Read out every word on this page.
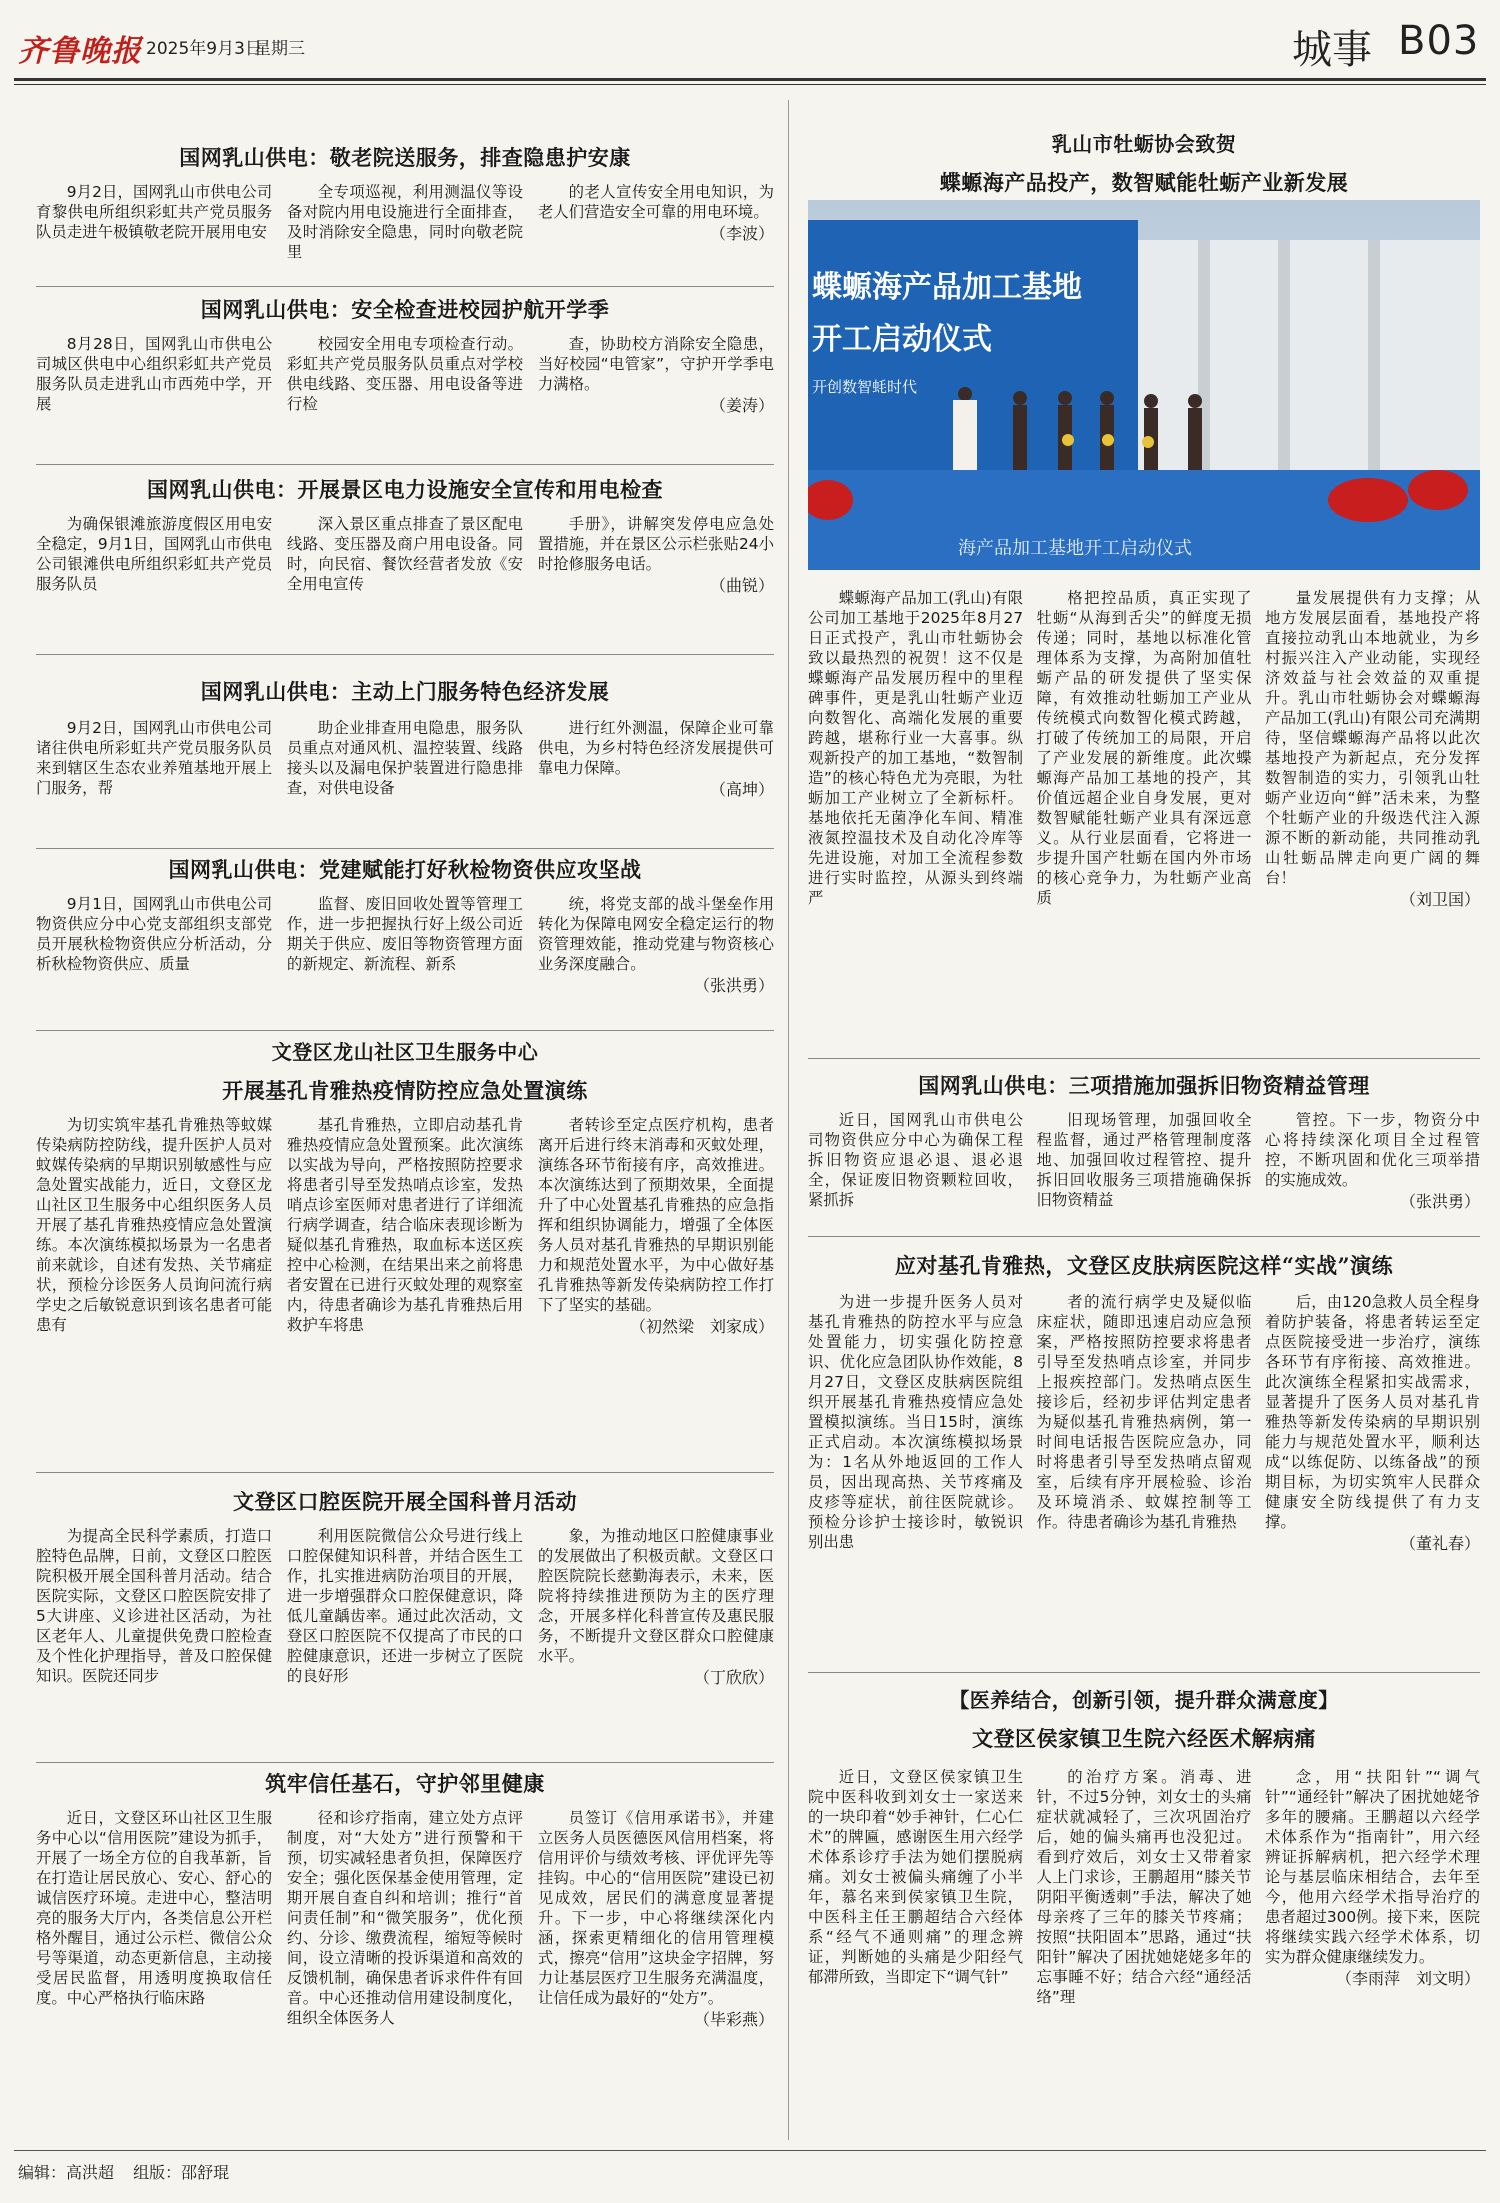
齐鲁晚报 2025年9月3日
星期三	城事 B03
国网乳山供电：敬老院送服务，排查隐患护安康

9月2日，国网乳山市供电公司育黎供电所组织彩虹共产党员服务队员走进午极镇敬老院开展用电安

全专项巡视，利用测温仪等设备对院内用电设施进行全面排查，及时消除安全隐患，同时向敬老院里

的老人宣传安全用电知识，为老人们营造安全可靠的用电环境。

（李波）
国网乳山供电：安全检查进校园护航开学季

8月28日，国网乳山市供电公司城区供电中心组织彩虹共产党员服务队员走进乳山市西苑中学，开展

校园安全用电专项检查行动。彩虹共产党员服务队员重点对学校供电线路、变压器、用电设备等进行检

查，协助校方消除安全隐患，当好校园“电管家”，守护开学季电力满格。

（姜涛）
国网乳山供电：开展景区电力设施安全宣传和用电检查

为确保银滩旅游度假区用电安全稳定，9月1日，国网乳山市供电公司银滩供电所组织彩虹共产党员服务队员

深入景区重点排查了景区配电线路、变压器及商户用电设备。同时，向民宿、餐饮经营者发放《安全用电宣传

手册》，讲解突发停电应急处置措施，并在景区公示栏张贴24小时抢修服务电话。

（曲锐）
国网乳山供电：主动上门服务特色经济发展

9月2日，国网乳山市供电公司诸往供电所彩虹共产党员服务队员来到辖区生态农业养殖基地开展上门服务，帮

助企业排查用电隐患，服务队员重点对通风机、温控装置、线路接头以及漏电保护装置进行隐患排查，对供电设备

进行红外测温，保障企业可靠供电，为乡村特色经济发展提供可靠电力保障。

（高坤）
国网乳山供电：党建赋能打好秋检物资供应攻坚战

9月1日，国网乳山市供电公司物资供应分中心党支部组织支部党员开展秋检物资供应分析活动，分析秋检物资供应、质量

监督、废旧回收处置等管理工作，进一步把握执行好上级公司近期关于供应、废旧等物资管理方面的新规定、新流程、新系

统，将党支部的战斗堡垒作用转化为保障电网安全稳定运行的物资管理效能，推动党建与物资核心业务深度融合。

（张洪勇）
文登区龙山社区卫生服务中心
开展基孔肯雅热疫情防控应急处置演练

为切实筑牢基孔肯雅热等蚊媒传染病防控防线，提升医护人员对蚊媒传染病的早期识别敏感性与应急处置实战能力，近日，文登区龙山社区卫生服务中心组织医务人员开展了基孔肯雅热疫情应急处置演练。本次演练模拟场景为一名患者前来就诊，自述有发热、关节痛症状，预检分诊医务人员询问流行病学史之后敏锐意识到该名患者可能患有

基孔肯雅热，立即启动基孔肯雅热疫情应急处置预案。此次演练以实战为导向，严格按照防控要求将患者引导至发热哨点诊室，发热哨点诊室医师对患者进行了详细流行病学调查，结合临床表现诊断为疑似基孔肯雅热，取血标本送区疾控中心检测，在结果出来之前将患者安置在已进行灭蚊处理的观察室内，待患者确诊为基孔肯雅热后用救护车将患

者转诊至定点医疗机构，患者离开后进行终末消毒和灭蚊处理，演练各环节衔接有序，高效推进。本次演练达到了预期效果，全面提升了中心处置基孔肯雅热的应急指挥和组织协调能力，增强了全体医务人员对基孔肯雅热的早期识别能力和规范处置水平，为中心做好基孔肯雅热等新发传染病防控工作打下了坚实的基础。

（初然梁　刘家成）
文登区口腔医院开展全国科普月活动

为提高全民科学素质，打造口腔特色品牌，日前，文登区口腔医院积极开展全国科普月活动。结合医院实际，文登区口腔医院安排了5大讲座、义诊进社区活动，为社区老年人、儿童提供免费口腔检查及个性化护理指导，普及口腔保健知识。医院还同步

利用医院微信公众号进行线上口腔保健知识科普，并结合医生工作，扎实推进病防治项目的开展，进一步增强群众口腔保健意识，降低儿童龋齿率。通过此次活动，文登区口腔医院不仅提高了市民的口腔健康意识，还进一步树立了医院的良好形

象，为推动地区口腔健康事业的发展做出了积极贡献。文登区口腔医院院长慈勤海表示，未来，医院将持续推进预防为主的医疗理念，开展多样化科普宣传及惠民服务，不断提升文登区群众口腔健康水平。

（丁欣欣）
筑牢信任基石，守护邻里健康

近日，文登区环山社区卫生服务中心以“信用医院”建设为抓手，开展了一场全方位的自我革新，旨在打造让居民放心、安心、舒心的诚信医疗环境。走进中心，整洁明亮的服务大厅内，各类信息公开栏格外醒目，通过公示栏、微信公众号等渠道，动态更新信息，主动接受居民监督，用透明度换取信任度。中心严格执行临床路

径和诊疗指南，建立处方点评制度，对“大处方”进行预警和干预，切实减轻患者负担，保障医疗安全；强化医保基金使用管理，定期开展自查自纠和培训；推行“首问责任制”和“微笑服务”，优化预约、分诊、缴费流程，缩短等候时间，设立清晰的投诉渠道和高效的反馈机制，确保患者诉求件件有回音。中心还推动信用建设制度化，组织全体医务人

员签订《信用承诺书》，并建立医务人员医德医风信用档案，将信用评价与绩效考核、评优评先等挂钩。中心的“信用医院”建设已初见成效，居民们的满意度显著提升。下一步，中心将继续深化内涵，探索更精细化的信用管理模式，擦亮“信用”这块金字招牌，努力让基层医疗卫生服务充满温度，让信任成为最好的“处方”。

（毕彩燕）
乳山市牡蛎协会致贺
蝶螈海产品投产，数智赋能牡蛎产业新发展
蝶螈海产品加工基地
开工启动仪式
开创数智蚝时代
海产品加工基地开工启动仪式

蝶螈海产品加工(乳山)有限公司加工基地于2025年8月27日正式投产，乳山市牡蛎协会致以最热烈的祝贺！这不仅是蝶螈海产品发展历程中的里程碑事件，更是乳山牡蛎产业迈向数智化、高端化发展的重要跨越，堪称行业一大喜事。纵观新投产的加工基地，“数智制造”的核心特色尤为亮眼，为牡蛎加工产业树立了全新标杆。基地依托无菌净化车间、精准液氮控温技术及自动化冷库等先进设施，对加工全流程参数进行实时监控，从源头到终端严

格把控品质，真正实现了牡蛎“从海到舌尖”的鲜度无损传递；同时，基地以标准化管理体系为支撑，为高附加值牡蛎产品的研发提供了坚实保障，有效推动牡蛎加工产业从传统模式向数智化模式跨越，打破了传统加工的局限，开启了产业发展的新维度。此次蝶螈海产品加工基地的投产，其价值远超企业自身发展，更对数智赋能牡蛎产业具有深远意义。从行业层面看，它将进一步提升国产牡蛎在国内外市场的核心竞争力，为牡蛎产业高质

量发展提供有力支撑；从地方发展层面看，基地投产将直接拉动乳山本地就业，为乡村振兴注入产业动能，实现经济效益与社会效益的双重提升。乳山市牡蛎协会对蝶螈海产品加工(乳山)有限公司充满期待，坚信蝶螈海产品将以此次基地投产为新起点，充分发挥数智制造的实力，引领乳山牡蛎产业迈向“鲜”活未来，为整个牡蛎产业的升级迭代注入源源不断的新动能，共同推动乳山牡蛎品牌走向更广阔的舞台！

（刘卫国）
国网乳山供电：三项措施加强拆旧物资精益管理

近日，国网乳山市供电公司物资供应分中心为确保工程拆旧物资应退必退、退必退全，保证废旧物资颗粒回收，紧抓拆

旧现场管理，加强回收全程监督，通过严格管理制度落地、加强回收过程管控、提升拆旧回收服务三项措施确保拆旧物资精益

管控。下一步，物资分中心将持续深化项目全过程管控，不断巩固和优化三项举措的实施成效。

（张洪勇）
应对基孔肯雅热，文登区皮肤病医院这样“实战”演练

为进一步提升医务人员对基孔肯雅热的防控水平与应急处置能力，切实强化防控意识、优化应急团队协作效能，8月27日，文登区皮肤病医院组织开展基孔肯雅热疫情应急处置模拟演练。当日15时，演练正式启动。本次演练模拟场景为：1名从外地返回的工作人员，因出现高热、关节疼痛及皮疹等症状，前往医院就诊。预检分诊护士接诊时，敏锐识别出患

者的流行病学史及疑似临床症状，随即迅速启动应急预案，严格按照防控要求将患者引导至发热哨点诊室，并同步上报疾控部门。发热哨点医生接诊后，经初步评估判定患者为疑似基孔肯雅热病例，第一时间电话报告医院应急办，同时将患者引导至发热哨点留观室，后续有序开展检验、诊治及环境消杀、蚊媒控制等工作。待患者确诊为基孔肯雅热

后，由120急救人员全程身着防护装备，将患者转运至定点医院接受进一步治疗，演练各环节有序衔接、高效推进。此次演练全程紧扣实战需求，显著提升了医务人员对基孔肯雅热等新发传染病的早期识别能力与规范处置水平，顺利达成“以练促防、以练备战”的预期目标，为切实筑牢人民群众健康安全防线提供了有力支撑。

（董礼春）
【医养结合，创新引领，提升群众满意度】
文登区侯家镇卫生院六经医术解病痛

近日，文登区侯家镇卫生院中医科收到刘女士一家送来的一块印着“妙手神针，仁心仁术”的牌匾，感谢医生用六经学术体系诊疗手法为她们摆脱病痛。刘女士被偏头痛缠了小半年，慕名来到侯家镇卫生院，中医科主任王鹏超结合六经体系“经气不通则痛”的理念辨证，判断她的头痛是少阳经气郁滞所致，当即定下“调气针”

的治疗方案。消毒、进针，不过5分钟，刘女士的头痛症状就减轻了，三次巩固治疗后，她的偏头痛再也没犯过。看到疗效后，刘女士又带着家人上门求诊，王鹏超用“膝关节阴阳平衡透刺”手法，解决了她母亲疼了三年的膝关节疼痛；按照“扶阳固本”思路，通过“扶阳针”解决了困扰她姥姥多年的忘事睡不好；结合六经“通经活络”理

念，用“扶阳针”“调气针”“通经针”解决了困扰她姥爷多年的腰痛。王鹏超以六经学术体系作为“指南针”，用六经辨证拆解病机，把六经学术理论与基层临床相结合，去年至今，他用六经学术指导治疗的患者超过300例。接下来，医院将继续实践六经学术体系，切实为群众健康继续发力。

（李雨萍　刘文明）
编辑：高洪超 组版：邵舒琨
